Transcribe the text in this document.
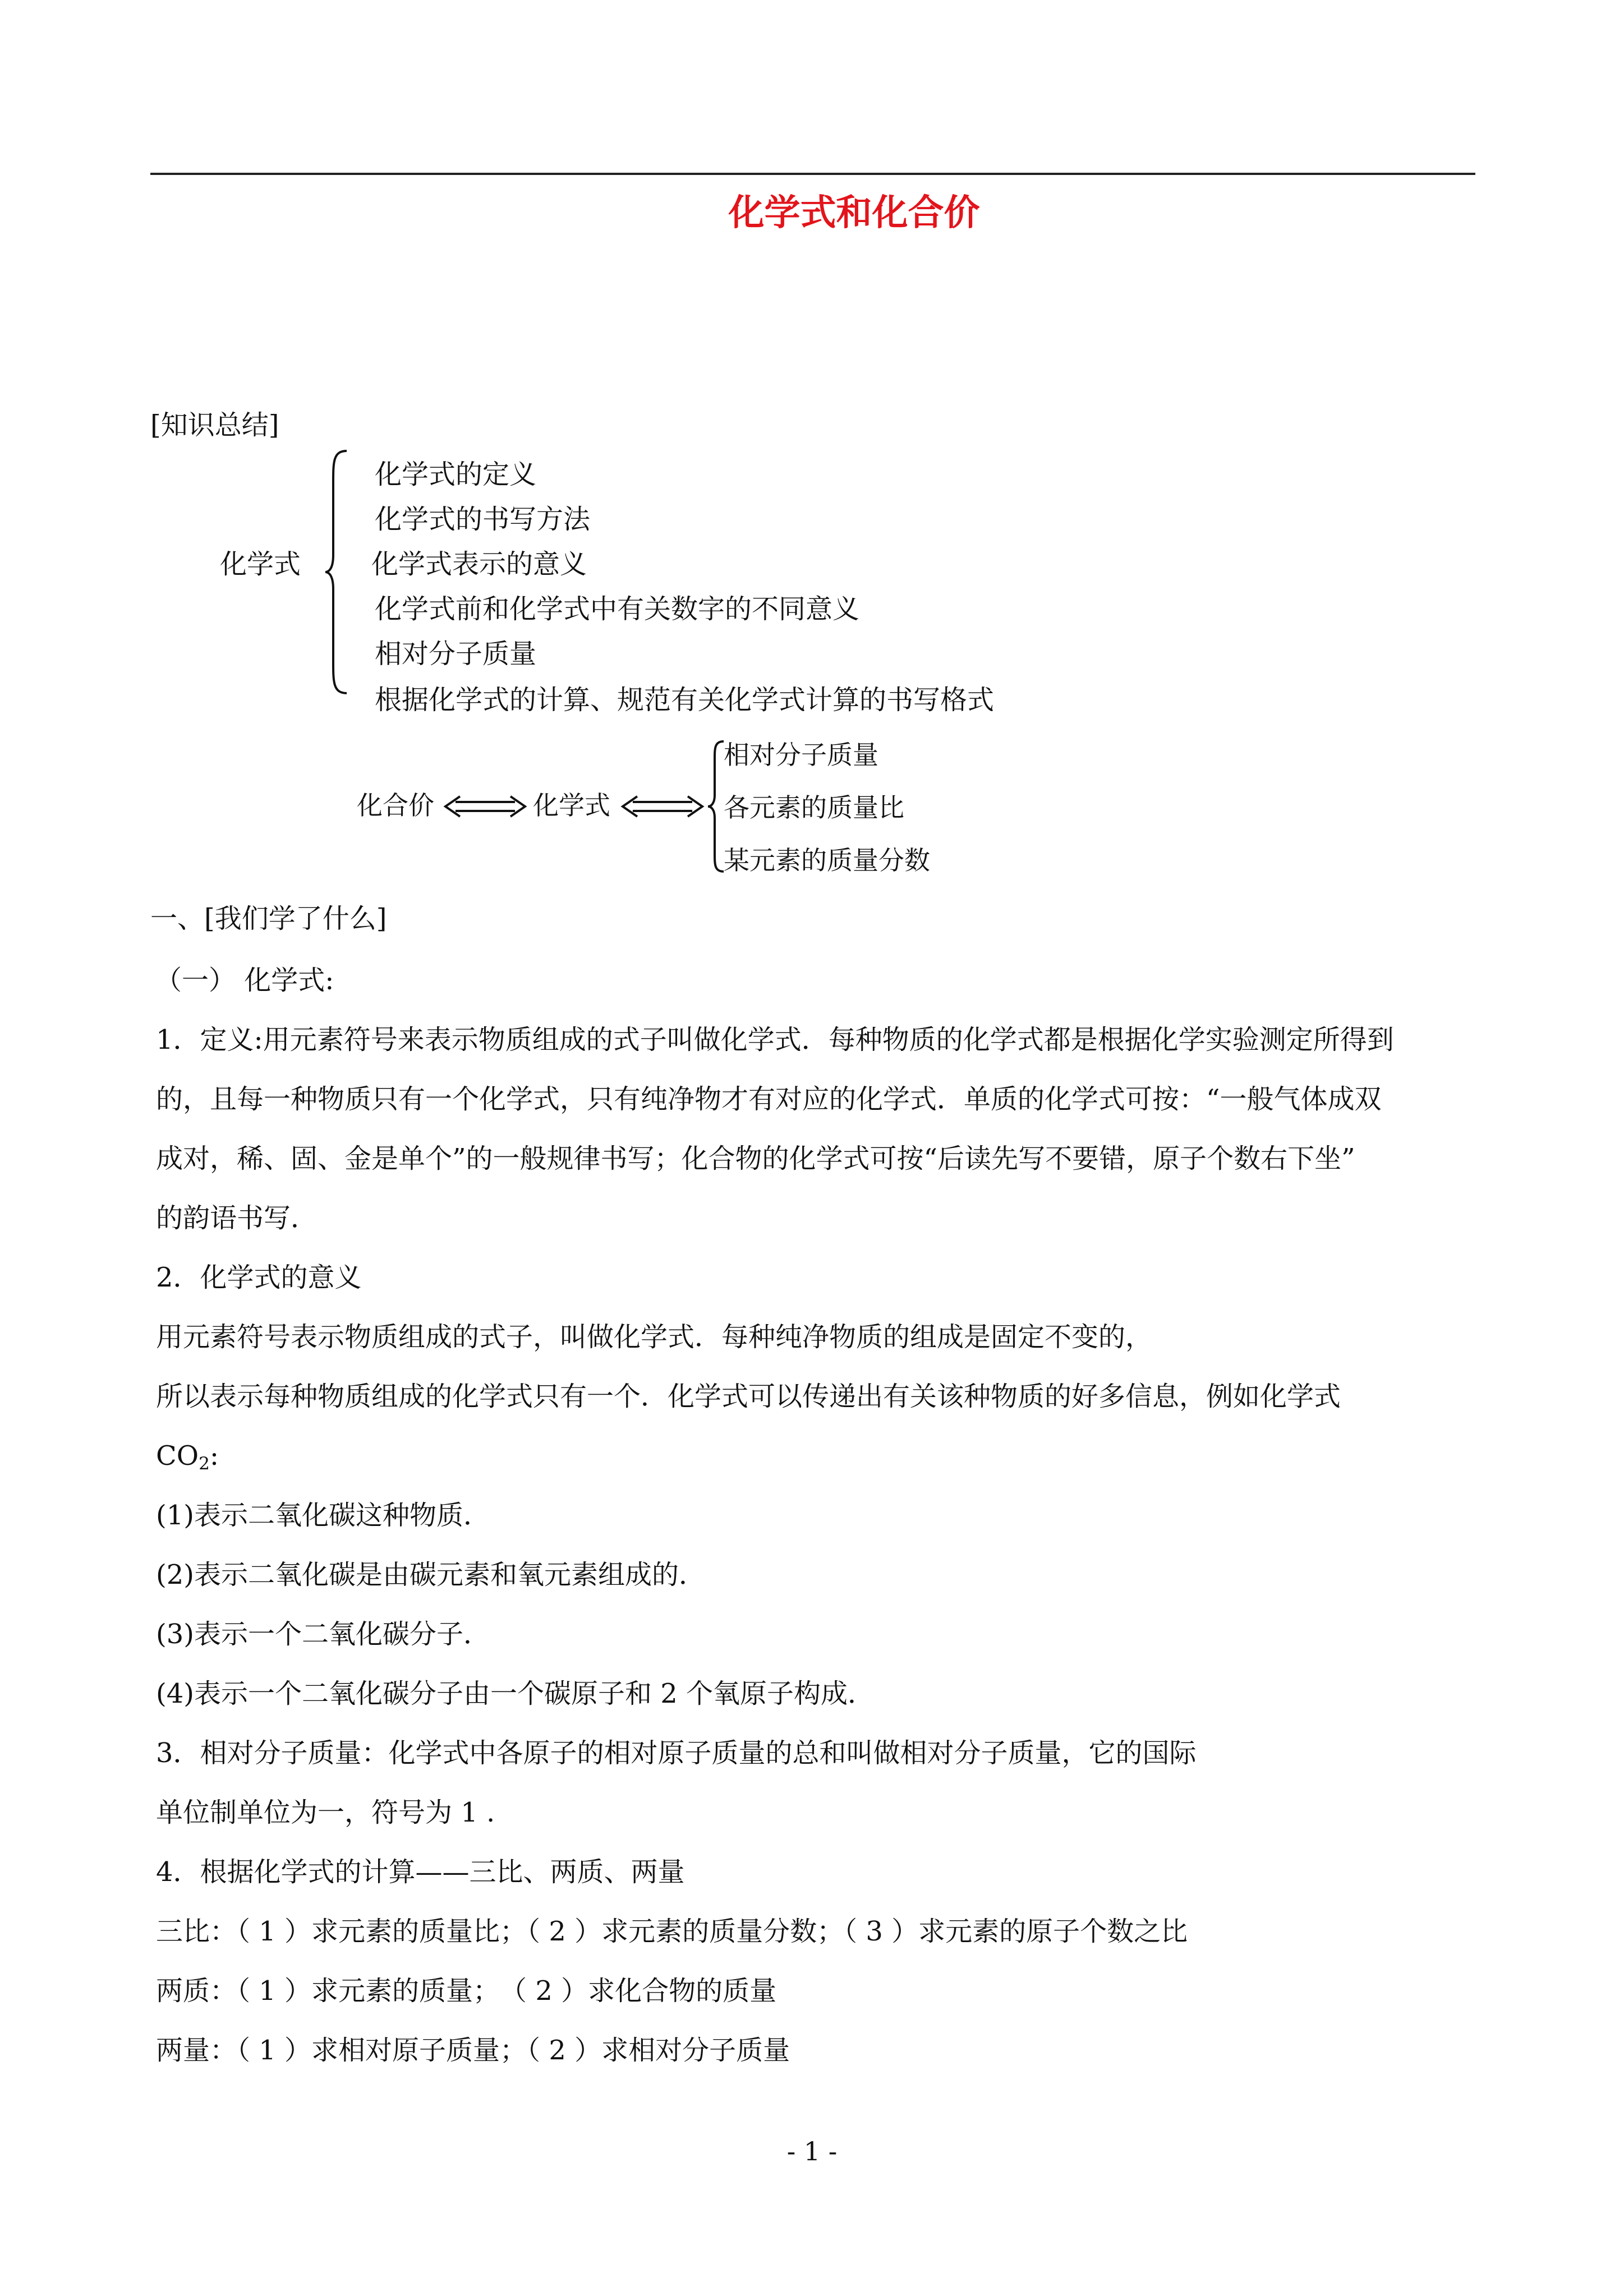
化学式和化合价
[知识总结]
化学式
化学式的定义
化学式的书写方法
化学式表示的意义
化学式前和化学式中有关数字的不同意义
相对分子质量
根据化学式的计算、规范有关化学式计算的书写格式
化合价	化学式
相对分子质量
各元素的质量比
某元素的质量分数
一、[我们学了什么]
（一） 化学式:
1．定义:用元素符号来表示物质组成的式子叫做化学式．每种物质的化学式都是根据化学实验测定所得到
的，且每一种物质只有一个化学式，只有纯净物才有对应的化学式．单质的化学式可按：“一般气体成双
成对，稀、固、金是单个”的一般规律书写；化合物的化学式可按“后读先写不要错，原子个数右下坐”
的韵语书写．
2．化学式的意义
用元素符号表示物质组成的式子，叫做化学式．每种纯净物质的组成是固定不变的，
所以表示每种物质组成的化学式只有一个．化学式可以传递出有关该种物质的好多信息，例如化学式
$CO_2$:
(1)表示二氧化碳这种物质．
(2)表示二氧化碳是由碳元素和氧元素组成的．
(3)表示一个二氧化碳分子．
(4)表示一个二氧化碳分子由一个碳原子和 2 个氧原子构成．
3．相对分子质量：化学式中各原子的相对原子质量的总和叫做相对分子质量，它的国际
单位制单位为一，符号为 1 .
4．根据化学式的计算——三比、两质、两量
三比：（ 1 ）求元素的质量比；（ 2 ）求元素的质量分数；（ 3 ）求元素的原子个数之比
两质：（ 1 ）求元素的质量；　（ 2 ）求化合物的质量
两量：（ 1 ）求相对原子质量；（ 2 ）求相对分子质量
- 1 -
